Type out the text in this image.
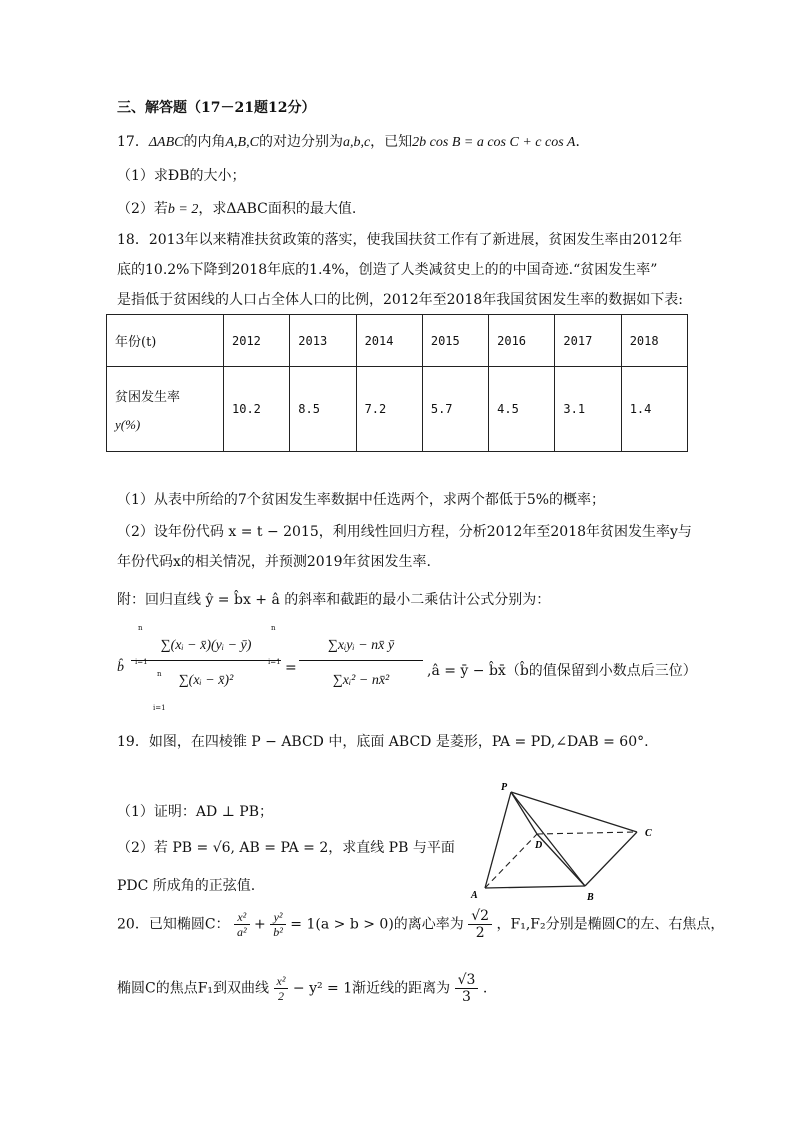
三、解答题（17－21题12分）
17．ΔABC的内角A,B,C的对边分别为a,b,c，已知2b cos B = a cos C + c cos A．
（1）求ÐB的大小；
（2）若b = 2，求ΔABC面积的最大值.
18．2013年以来精准扶贫政策的落实，使我国扶贫工作有了新进展，贫困发生率由2012年
底的10.2%下降到2018年底的1.4%，创造了人类减贫史上的的中国奇迹.“贫困发生率”
是指低于贫困线的人口占全体人口的比例，2012年至2018年我国贫困发生率的数据如下表:
年份(t)	2012	2013	2014	2015	2016	2017	2018

贫困发生率
y(%)	10.2	8.5	7.2	5.7	4.5	3.1	1.4
（1）从表中所给的7个贫困发生率数据中任选两个，求两个都低于5%的概率；
（2）设年份代码 x = t − 2015，利用线性回归方程，分析2012年至2018年贫困发生率y与
年份代码x的相关情况，并预测2019年贫困发生率.
附：回归直线 ŷ = b̂x + â 的斜率和截距的最小二乘估计公式分别为：
b̂ $\frac{\text{∑(xᵢ − x̄)(yᵢ − ȳ)}}{\text{∑(xᵢ − x̄)²}}$
n
i=1
n
i=1
=
∑xᵢyᵢ − nx̄ ȳ
∑xᵢ² − nx̄²
n
i=1
,â = ȳ − b̂x̄（b̂的值保留到小数点后三位）
19．如图，在四棱锥 P − ABCD 中，底面 ABCD 是菱形，PA = PD,∠DAB = 60°.
P
A	B
C
D
（1）证明：AD ⊥ PB；
（2）若 PB = √6, AB = PA = 2，求直线 PB 与平面
PDC 所成角的正弦值.
20．已知椭圆C： $\frac{\text{x²}}{\text{a²}} + \frac{\text{y²}}{\text{b²}} = 1(a > b > 0)$的离心率为 $\frac{√2}{2}$ ，F₁,F₂分别是椭圆C的左、右焦点，
椭圆C的焦点F₁到双曲线 $\frac{\text{x²}}{2} - y^2 = 1$渐近线的距离为 $\frac{√3}{3}$ .
